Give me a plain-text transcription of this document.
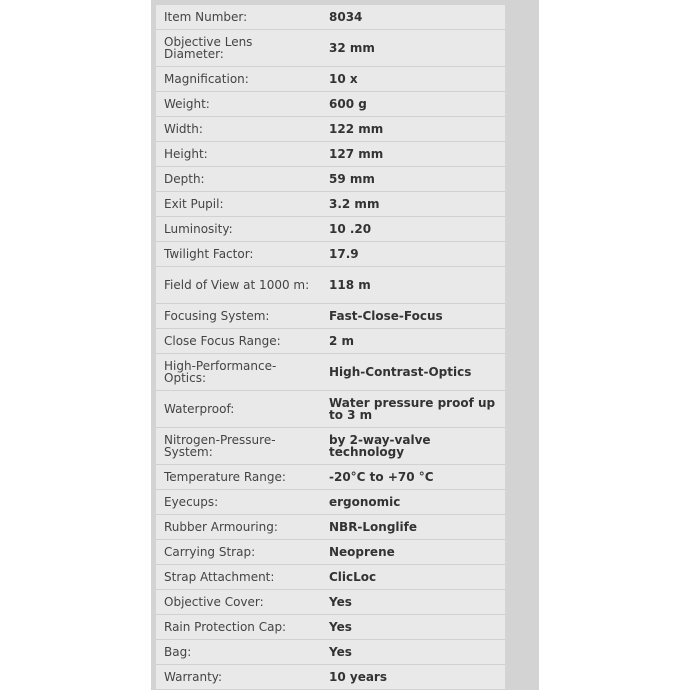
Item Number:	8034
Objective Lens Diameter:	32 mm
Magnification:	10 x
Weight:	600 g
Width:	122 mm
Height:	127 mm
Depth:	59 mm
Exit Pupil:	3.2 mm
Luminosity:	10 .20
Twilight Factor:	17.9
Field of View at 1000 m:	118 m
Focusing System:	Fast-Close-Focus
Close Focus Range:	2 m
High-Performance-Optics:	High-Contrast-Optics
Waterproof:	Water pressure proof up to 3 m
Nitrogen-Pressure-System:	by 2-way-valve technology
Temperature Range:	-20°C to +70 °C
Eyecups:	ergonomic
Rubber Armouring:	NBR-Longlife
Carrying Strap:	Neoprene
Strap Attachment:	ClicLoc
Objective Cover:	Yes
Rain Protection Cap:	Yes
Bag:	Yes
Warranty:	10 years
